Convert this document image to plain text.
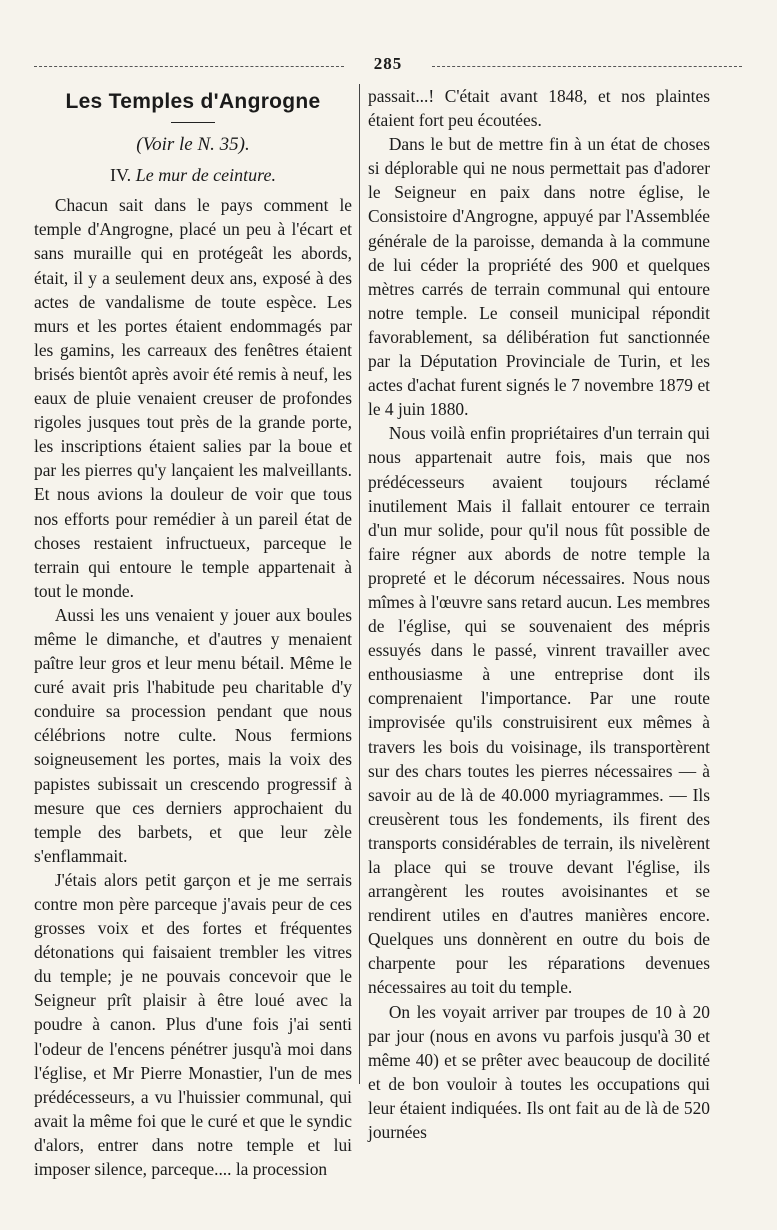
285
Les Temples d'Angrogne
(Voir le N. 35).
IV. Le mur de ceinture.

Chacun sait dans le pays comment le temple d'Angrogne, placé un peu à l'écart et sans muraille qui en protégeât les abords, était, il y a seulement deux ans, exposé à des actes de vandalisme de toute espèce. Les murs et les portes étaient endommagés par les gamins, les carreaux des fenêtres étaient brisés bientôt après avoir été remis à neuf, les eaux de pluie venaient creuser de profondes rigoles jusques tout près de la grande porte, les inscriptions étaient salies par la boue et par les pierres qu'y lançaient les malveillants. Et nous avions la douleur de voir que tous nos efforts pour remédier à un pareil état de choses restaient infructueux, parceque le terrain qui entoure le temple appartenait à tout le monde.

Aussi les uns venaient y jouer aux boules même le dimanche, et d'autres y menaient paître leur gros et leur menu bétail. Même le curé avait pris l'habitude peu charitable d'y conduire sa procession pendant que nous célébrions notre culte. Nous fermions soigneusement les portes, mais la voix des papistes subissait un crescendo progressif à mesure que ces derniers approchaient du temple des barbets, et que leur zèle s'enflammait.

J'étais alors petit garçon et je me serrais contre mon père parceque j'avais peur de ces grosses voix et des fortes et fréquentes détonations qui faisaient trembler les vitres du temple; je ne pouvais concevoir que le Seigneur prît plaisir à être loué avec la poudre à canon. Plus d'une fois j'ai senti l'odeur de l'encens pénétrer jusqu'à moi dans l'église, et Mr Pierre Monastier, l'un de mes prédécesseurs, a vu l'huissier communal, qui avait la même foi que le curé et que le syndic d'alors, entrer dans notre temple et lui imposer silence, parceque.... la procession

passait...! C'était avant 1848, et nos plaintes étaient fort peu écoutées.

Dans le but de mettre fin à un état de choses si déplorable qui ne nous permettait pas d'adorer le Seigneur en paix dans notre église, le Consistoire d'Angrogne, appuyé par l'Assemblée générale de la paroisse, demanda à la commune de lui céder la propriété des 900 et quelques mètres carrés de terrain communal qui entoure notre temple. Le conseil municipal répondit favorablement, sa délibération fut sanctionnée par la Députation Provinciale de Turin, et les actes d'achat furent signés le 7 novembre 1879 et le 4 juin 1880.

Nous voilà enfin propriétaires d'un terrain qui nous appartenait autre fois, mais que nos prédécesseurs avaient toujours réclamé inutilement Mais il fallait entourer ce terrain d'un mur solide, pour qu'il nous fût possible de faire régner aux abords de notre temple la propreté et le décorum nécessaires. Nous nous mîmes à l'œuvre sans retard aucun. Les membres de l'église, qui se souvenaient des mépris essuyés dans le passé, vinrent travailler avec enthousiasme à une entreprise dont ils comprenaient l'importance. Par une route improvisée qu'ils construisirent eux mêmes à travers les bois du voisinage, ils transportèrent sur des chars toutes les pierres nécessaires — à savoir au de là de 40.000 myriagrammes. — Ils creusèrent tous les fondements, ils firent des transports considérables de terrain, ils nivelèrent la place qui se trouve devant l'église, ils arrangèrent les routes avoisinantes et se rendirent utiles en d'autres manières encore. Quelques uns donnèrent en outre du bois de charpente pour les réparations devenues nécessaires au toit du temple.

On les voyait arriver par troupes de 10 à 20 par jour (nous en avons vu parfois jusqu'à 30 et même 40) et se prêter avec beaucoup de docilité et de bon vouloir à toutes les occupations qui leur étaient indiquées. Ils ont fait au de là de 520 journées
